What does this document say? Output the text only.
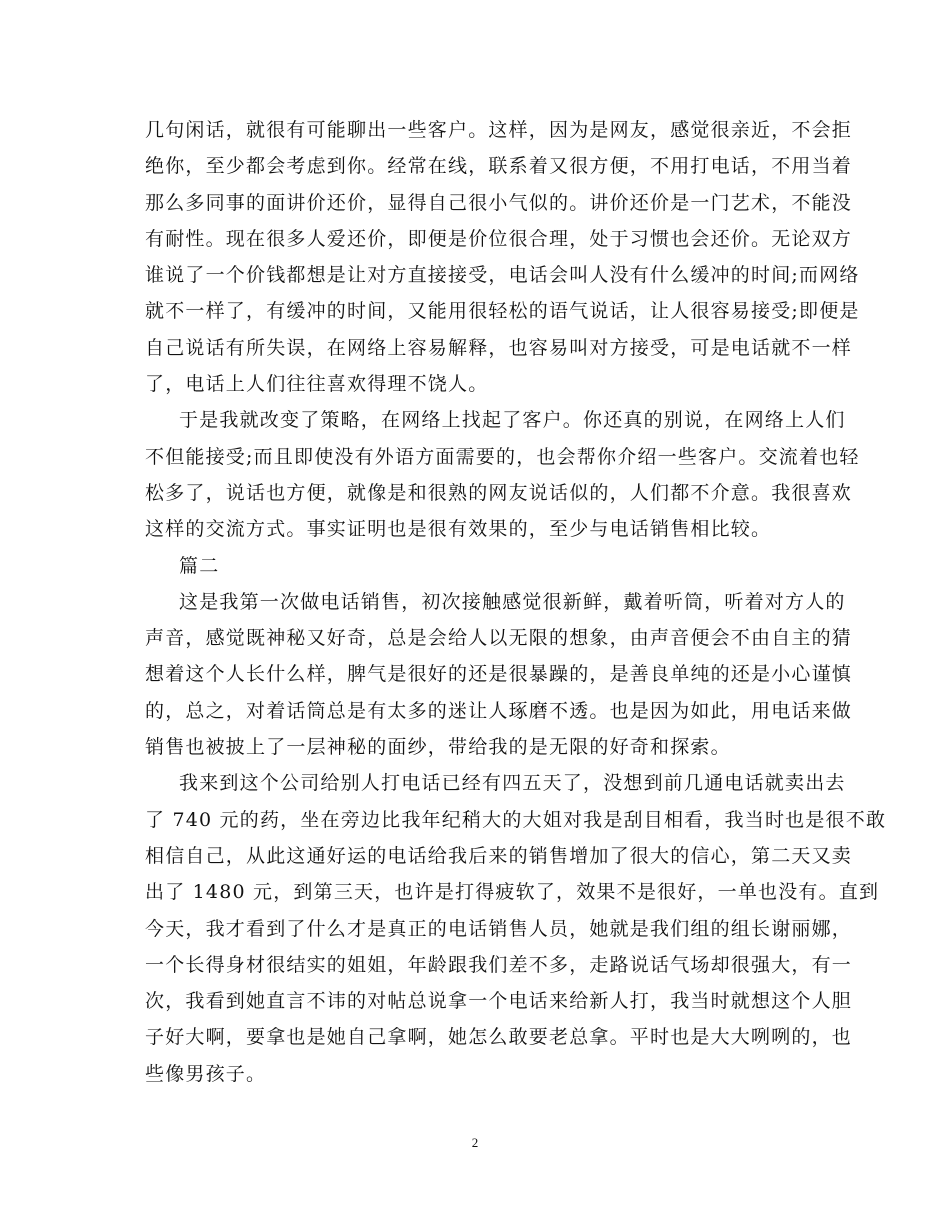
几句闲话，就很有可能聊出一些客户。这样，因为是网友，感觉很亲近，不会拒
绝你，至少都会考虑到你。经常在线，联系着又很方便，不用打电话，不用当着
那么多同事的面讲价还价，显得自己很小气似的。讲价还价是一门艺术，不能没
有耐性。现在很多人爱还价，即便是价位很合理，处于习惯也会还价。无论双方
谁说了一个价钱都想是让对方直接接受，电话会叫人没有什么缓冲的时间;而网络
就不一样了，有缓冲的时间，又能用很轻松的语气说话，让人很容易接受;即便是
自己说话有所失误，在网络上容易解释，也容易叫对方接受，可是电话就不一样
了，电话上人们往往喜欢得理不饶人。
于是我就改变了策略，在网络上找起了客户。你还真的别说，在网络上人们
不但能接受;而且即使没有外语方面需要的，也会帮你介绍一些客户。交流着也轻
松多了，说话也方便，就像是和很熟的网友说话似的，人们都不介意。我很喜欢
这样的交流方式。事实证明也是很有效果的，至少与电话销售相比较。
篇二
这是我第一次做电话销售，初次接触感觉很新鲜，戴着听筒，听着对方人的
声音，感觉既神秘又好奇，总是会给人以无限的想象，由声音便会不由自主的猜
想着这个人长什么样，脾气是很好的还是很暴躁的，是善良单纯的还是小心谨慎
的，总之，对着话筒总是有太多的迷让人琢磨不透。也是因为如此，用电话来做
销售也被披上了一层神秘的面纱，带给我的是无限的好奇和探索。
我来到这个公司给别人打电话已经有四五天了，没想到前几通电话就卖出去
了 740 元的药，坐在旁边比我年纪稍大的大姐对我是刮目相看，我当时也是很不敢
相信自己，从此这通好运的电话给我后来的销售增加了很大的信心，第二天又卖
出了 1480 元，到第三天，也许是打得疲软了，效果不是很好，一单也没有。直到
今天，我才看到了什么才是真正的电话销售人员，她就是我们组的组长谢丽娜，
一个长得身材很结实的姐姐，年龄跟我们差不多，走路说话气场却很强大，有一
次，我看到她直言不讳的对帖总说拿一个电话来给新人打，我当时就想这个人胆
子好大啊，要拿也是她自己拿啊，她怎么敢要老总拿。平时也是大大咧咧的，也
些像男孩子。
2
